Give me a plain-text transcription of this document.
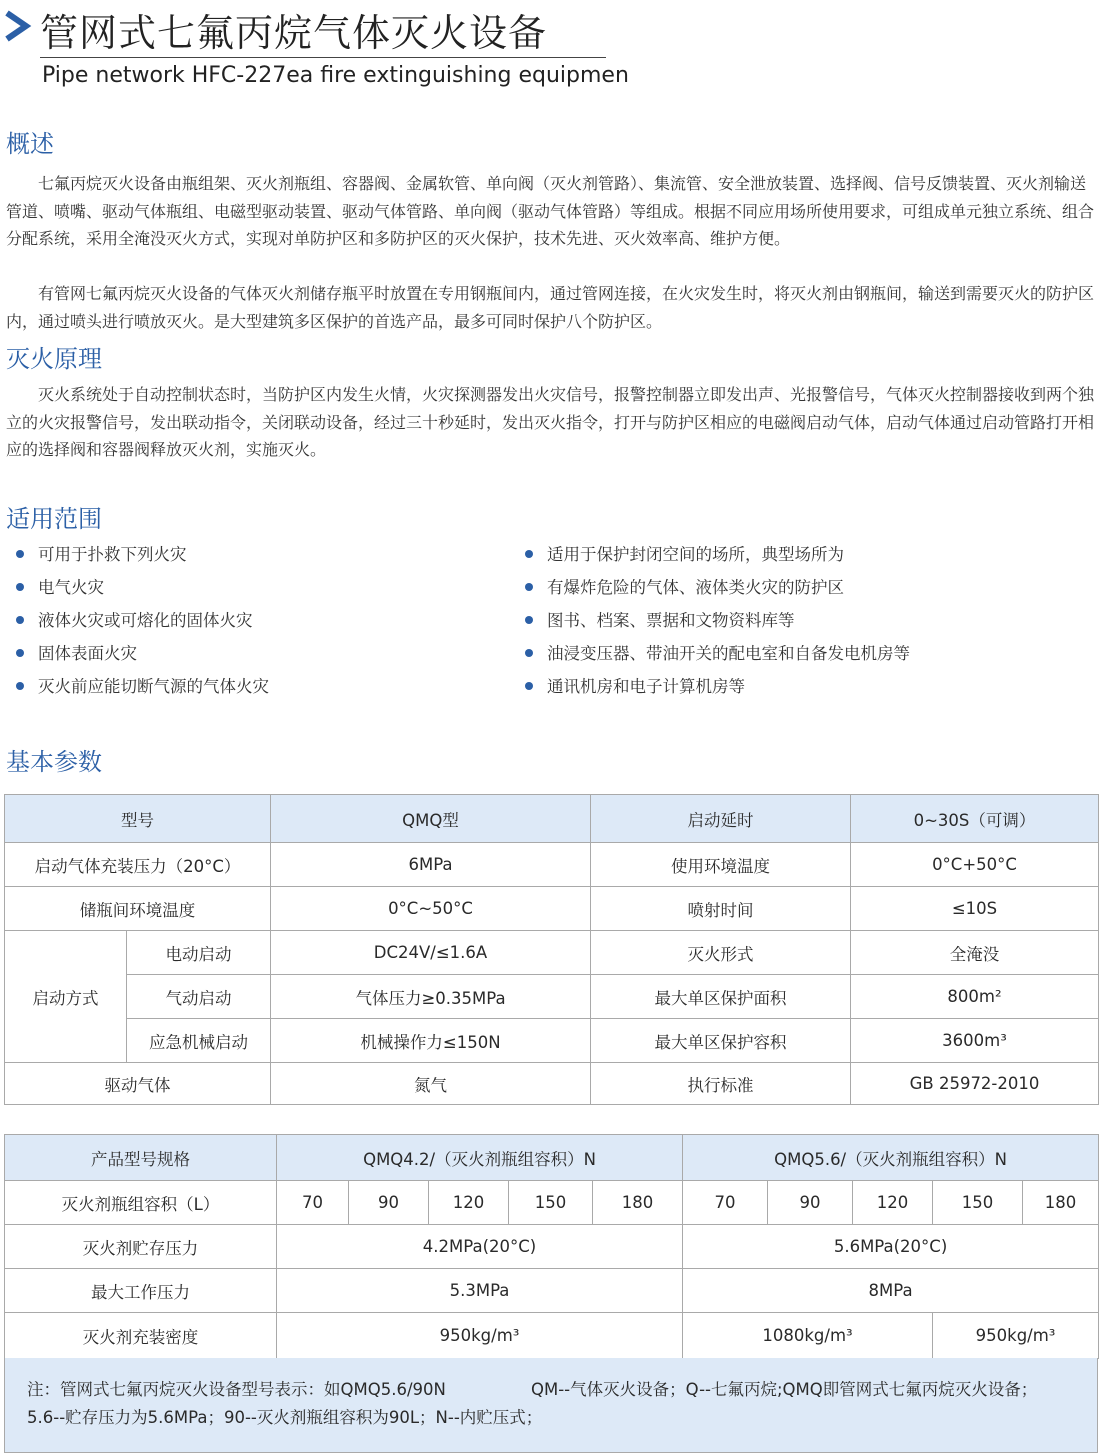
管网式七氟丙烷气体灭火设备
Pipe network HFC-227ea fire extinguishing equipmen
概述

七氟丙烷灭火设备由瓶组架、灭火剂瓶组、容器阀、金属软管、单向阀（灭火剂管路）、集流管、安全泄放装置、选择阀、信号反馈装置、灭火剂输送管道、喷嘴、驱动气体瓶组、电磁型驱动装置、驱动气体管路、单向阀（驱动气体管路）等组成。根据不同应用场所使用要求，可组成单元独立系统、组合分配系统，采用全淹没灭火方式，实现对单防护区和多防护区的灭火保护，技术先进、灭火效率高、维护方便。

有管网七氟丙烷灭火设备的气体灭火剂储存瓶平时放置在专用钢瓶间内，通过管网连接，在火灾发生时，将灭火剂由钢瓶间，输送到需要灭火的防护区内，通过喷头进行喷放灭火。是大型建筑多区保护的首选产品，最多可同时保护八个防护区。

灭火原理

灭火系统处于自动控制状态时，当防护区内发生火情，火灾探测器发出火灾信号，报警控制器立即发出声、光报警信号，气体灭火控制器接收到两个独立的火灾报警信号，发出联动指令，关闭联动设备，经过三十秒延时，发出灭火指令，打开与防护区相应的电磁阀启动气体，启动气体通过启动管路打开相应的选择阀和容器阀释放灭火剂，实施灭火。

适用范围
可用于扑救下列火灾
电气火灾
液体火灾或可熔化的固体火灾
固体表面火灾
灭火前应能切断气源的气体火灾
适用于保护封闭空间的场所，典型场所为
有爆炸危险的气体、液体类火灾的防护区
图书、档案、票据和文物资料库等
油浸变压器、带油开关的配电室和自备发电机房等
通讯机房和电子计算机房等
基本参数
型号		QMQ型	启动延时	0~30S（可调）
启动气体充装压力（20°C）		6MPa	使用环境温度	0°C+50°C
储瓶间环境温度		0°C~50°C	喷射时间	≤10S
启动方式	电动启动	DC24V/≤1.6A	灭火形式	全淹没
	气动启动	气体压力≥0.35MPa	最大单区保护面积	800m²
	应急机械启动	机械操作力≤150N	最大单区保护容积	3600m³
驱动气体		氮气	执行标准	GB 25972-2010
产品型号规格	QMQ4.2/（灭火剂瓶组容积）N					QMQ5.6/（灭火剂瓶组容积）N				
灭火剂瓶组容积（L）	70	90	120	150	180	70	90	120	150	180
灭火剂贮存压力	4.2MPa(20°C)					5.6MPa(20°C)				
最大工作压力	5.3MPa					8MPa				
灭火剂充装密度	950kg/m³					1080kg/m³			950kg/m³	
注：管网式七氟丙烷灭火设备型号表示：如QMQ5.6/90N	QM--气体灭火设备；Q--七氟丙烷;QMQ即管网式七氟丙烷灭火设备；
5.6--贮存压力为5.6MPa；90--灭火剂瓶组容积为90L；N--内贮压式；
